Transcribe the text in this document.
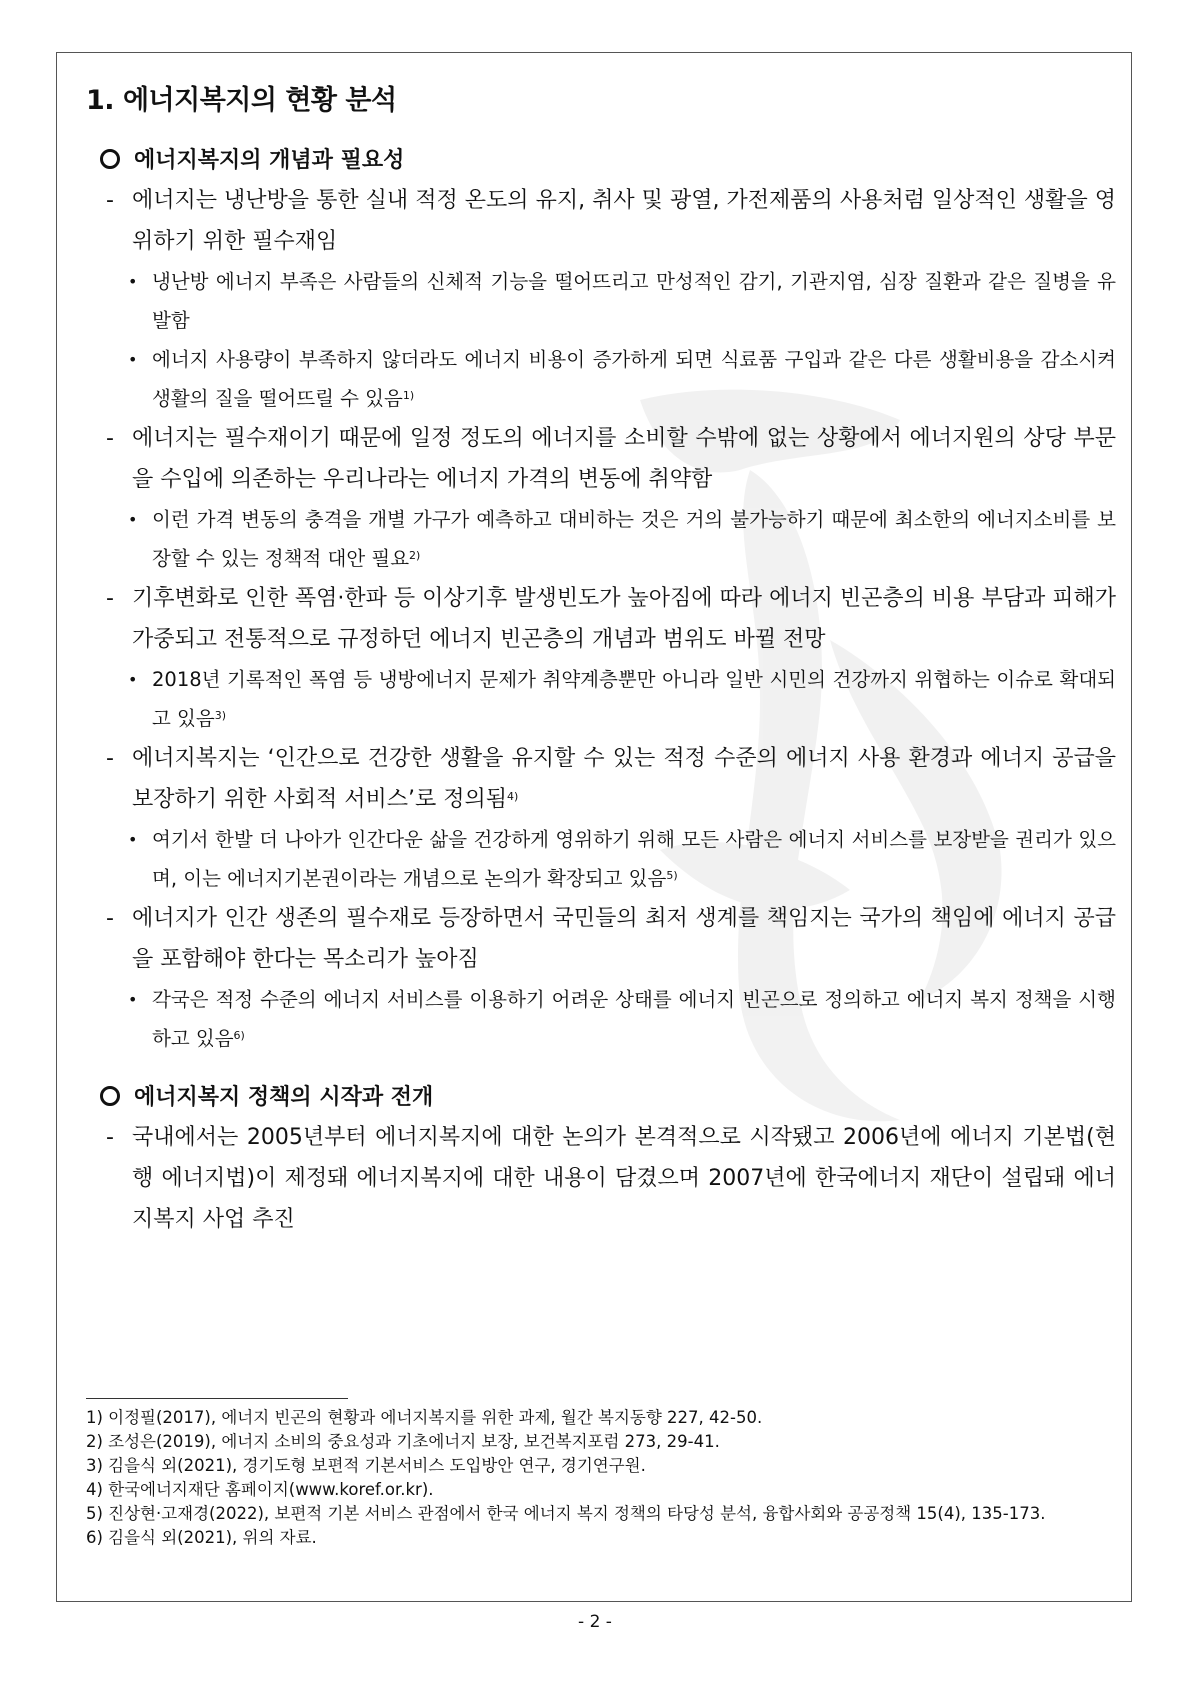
1. 에너지복지의 현황 분석
에너지복지의 개념과 필요성

- 에너지는 냉난방을 통한 실내 적정 온도의 유지, 취사 및 광열, 가전제품의 사용처럼 일상적인 생활을 영위하기 위한 필수재임

• 냉난방 에너지 부족은 사람들의 신체적 기능을 떨어뜨리고 만성적인 감기, 기관지염, 심장 질환과 같은 질병을 유발함

• 에너지 사용량이 부족하지 않더라도 에너지 비용이 증가하게 되면 식료품 구입과 같은 다른 생활비용을 감소시켜 생활의 질을 떨어뜨릴 수 있음$^{1)}$

- 에너지는 필수재이기 때문에 일정 정도의 에너지를 소비할 수밖에 없는 상황에서 에너지원의 상당 부문을 수입에 의존하는 우리나라는 에너지 가격의 변동에 취약함

• 이런 가격 변동의 충격을 개별 가구가 예측하고 대비하는 것은 거의 불가능하기 때문에 최소한의 에너지소비를 보장할 수 있는 정책적 대안 필요$^{2)}$

- 기후변화로 인한 폭염·한파 등 이상기후 발생빈도가 높아짐에 따라 에너지 빈곤층의 비용 부담과 피해가 가중되고 전통적으로 규정하던 에너지 빈곤층의 개념과 범위도 바뀔 전망

• 2018년 기록적인 폭염 등 냉방에너지 문제가 취약계층뿐만 아니라 일반 시민의 건강까지 위협하는 이슈로 확대되고 있음$^{3)}$

- 에너지복지는 ‘인간으로 건강한 생활을 유지할 수 있는 적정 수준의 에너지 사용 환경과 에너지 공급을 보장하기 위한 사회적 서비스’로 정의됨$^{4)}$

• 여기서 한발 더 나아가 인간다운 삶을 건강하게 영위하기 위해 모든 사람은 에너지 서비스를 보장받을 권리가 있으며, 이는 에너지기본권이라는 개념으로 논의가 확장되고 있음$^{5)}$

- 에너지가 인간 생존의 필수재로 등장하면서 국민들의 최저 생계를 책임지는 국가의 책임에 에너지 공급을 포함해야 한다는 목소리가 높아짐

• 각국은 적정 수준의 에너지 서비스를 이용하기 어려운 상태를 에너지 빈곤으로 정의하고 에너지 복지 정책을 시행하고 있음$^{6)}$

에너지복지 정책의 시작과 전개

- 국내에서는 2005년부터 에너지복지에 대한 논의가 본격적으로 시작됐고 2006년에 에너지 기본법(현행 에너지법)이 제정돼 에너지복지에 대한 내용이 담겼으며 2007년에 한국에너지 재단이 설립돼 에너지복지 사업 추진

1) 이정필(2017), 에너지 빈곤의 현황과 에너지복지를 위한 과제, 월간 복지동향 227, 42-50.

2) 조성은(2019), 에너지 소비의 중요성과 기초에너지 보장, 보건복지포럼 273, 29-41.

3) 김을식 외(2021), 경기도형 보편적 기본서비스 도입방안 연구, 경기연구원.

4) 한국에너지재단 홈페이지(www.koref.or.kr).

5) 진상현·고재경(2022), 보편적 기본 서비스 관점에서 한국 에너지 복지 정책의 타당성 분석, 융합사회와 공공정책 15(4), 135-173.

6) 김을식 외(2021), 위의 자료.

- 2 -
